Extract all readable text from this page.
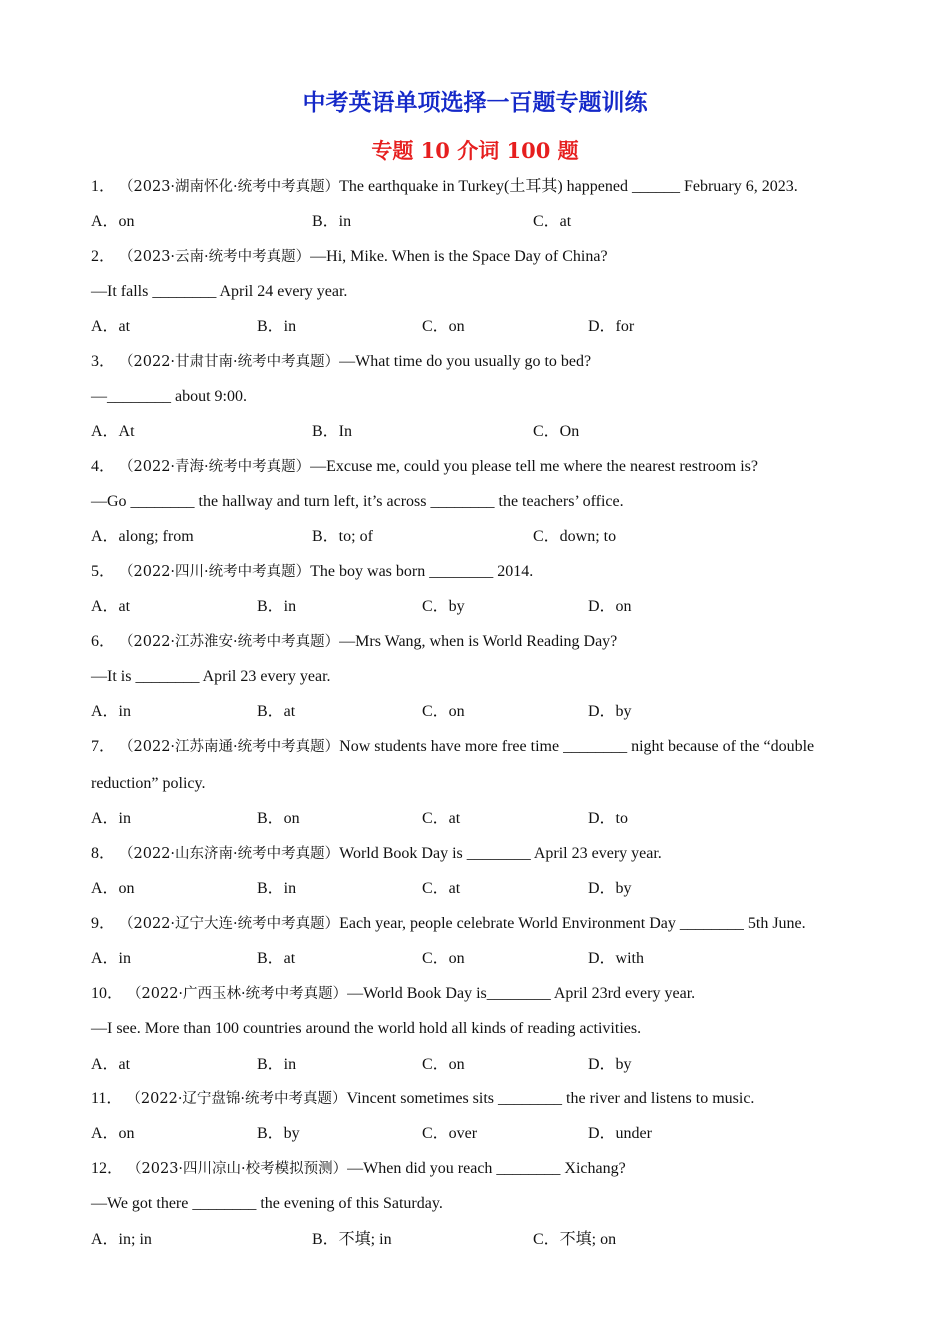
中考英语单项选择一百题专题训练
专题 10 介词 100 题
1． （2023·湖南怀化·统考中考真题）The earthquake in Turkey(土耳其) happened ______ February 6, 2023.
A．on	B．in	C．at
2． （2023·云南·统考中考真题）—Hi, Mike. When is the Space Day of China?
—It falls ________ April 24 every year.
A．at	B．in	C．on	D．for
3． （2022·甘肃甘南·统考中考真题）—What time do you usually go to bed?
—________ about 9:00.
A．At	B．In	C．On
4． （2022·青海·统考中考真题）—Excuse me, could you please tell me where the nearest restroom is?
—Go ________ the hallway and turn left, it’s across ________ the teachers’ office.
A．along; from	B．to; of	C．down; to
5． （2022·四川·统考中考真题）The boy was born ________ 2014.
A．at	B．in	C．by	D．on
6． （2022·江苏淮安·统考中考真题）—Mrs Wang, when is World Reading Day?
—It is ________ April 23 every year.
A．in	B．at	C．on	D．by
7． （2022·江苏南通·统考中考真题）Now students have more free time ________ night because of the “double
reduction” policy.
A．in	B．on	C．at	D．to
8． （2022·山东济南·统考中考真题）World Book Day is ________ April 23 every year.
A．on	B．in	C．at	D．by
9． （2022·辽宁大连·统考中考真题）Each year, people celebrate World Environment Day ________ 5th June.
A．in	B．at	C．on	D．with
10． （2022·广西玉林·统考中考真题）—World Book Day is________ April 23rd every year.
—I see. More than 100 countries around the world hold all kinds of reading activities.
A．at	B．in	C．on	D．by
11． （2022·辽宁盘锦·统考中考真题）Vincent sometimes sits ________ the river and listens to music.
A．on	B．by	C．over	D．under
12． （2023·四川凉山·校考模拟预测）—When did you reach ________ Xichang?
—We got there ________ the evening of this Saturday.
A．in; in	B．不填; in	C．不填; on
